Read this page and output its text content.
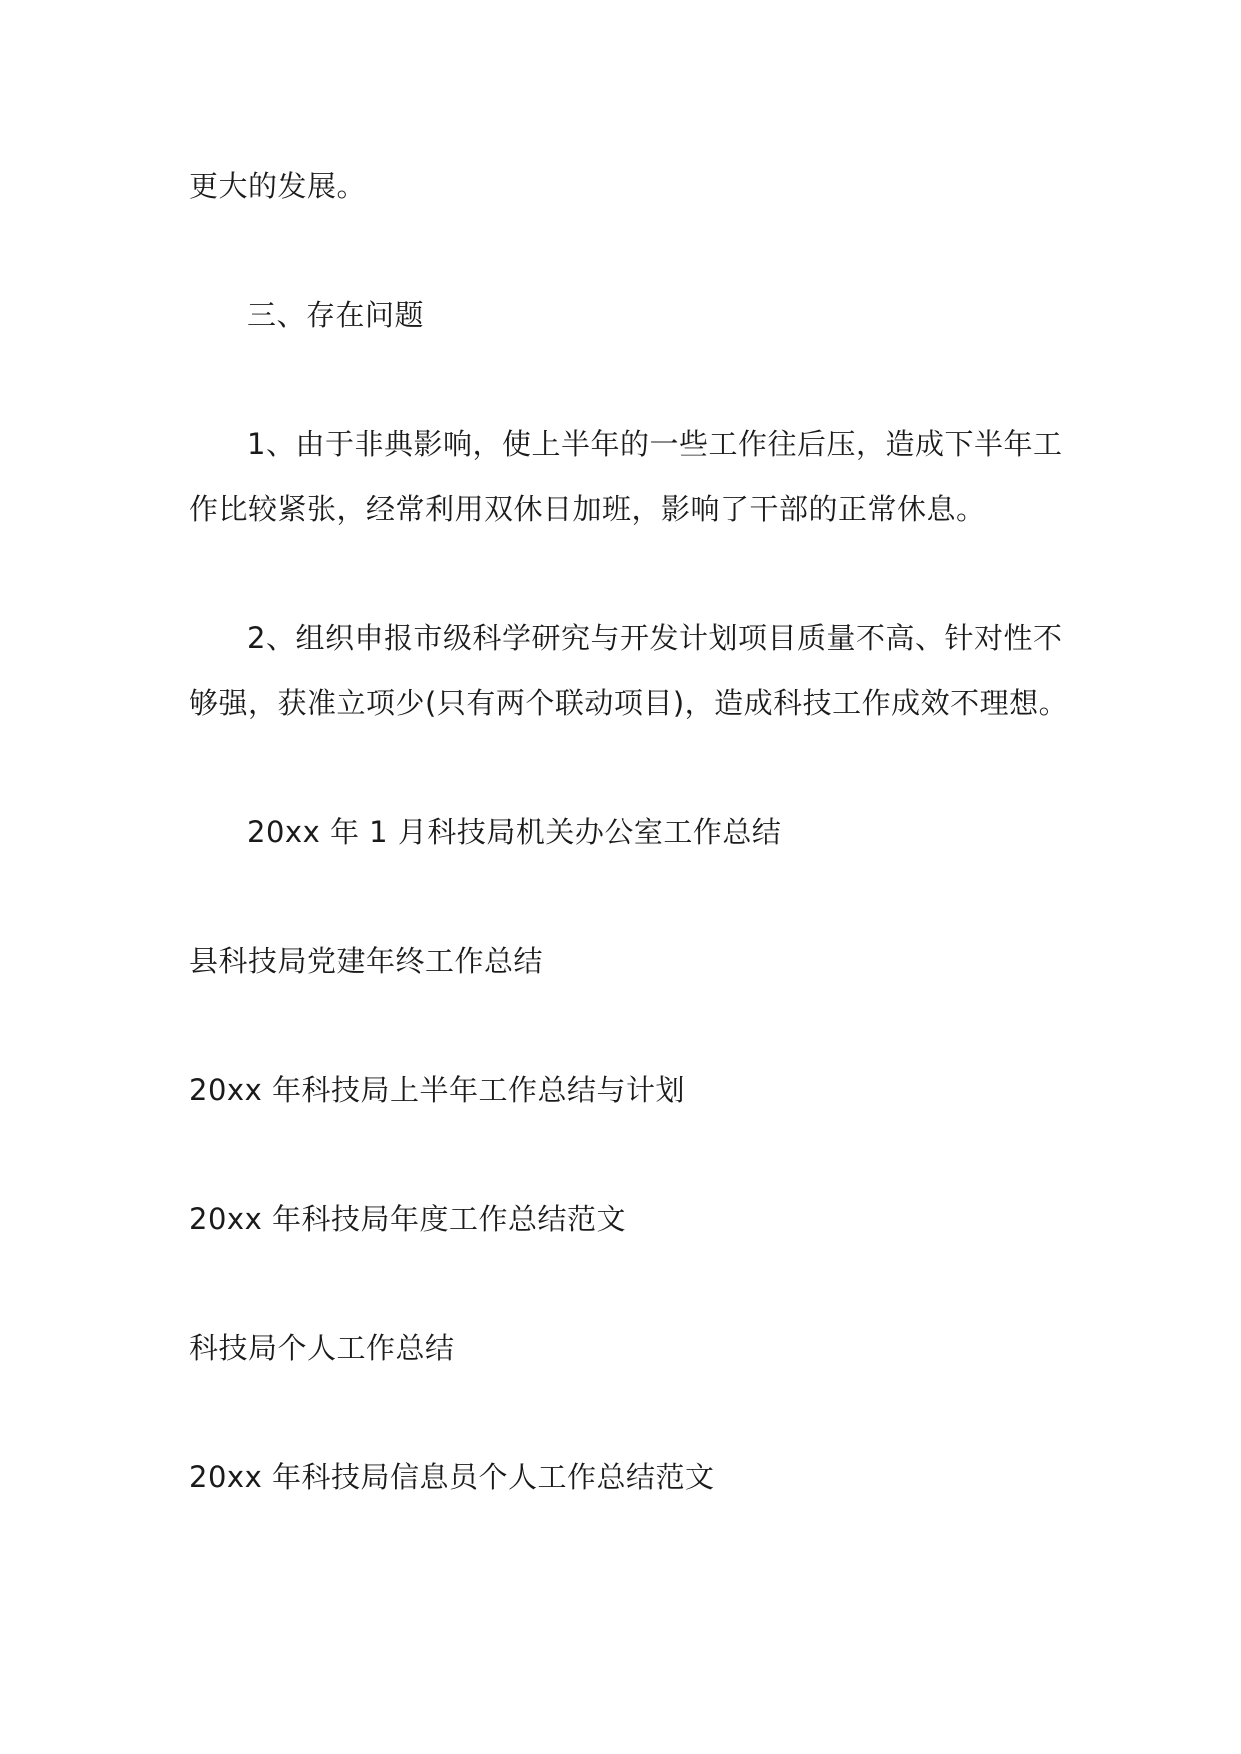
更大的发展。
三、存在问题
1、由于非典影响，使上半年的一些工作往后压，造成下半年工
作比较紧张，经常利用双休日加班，影响了干部的正常休息。
2、组织申报市级科学研究与开发计划项目质量不高、针对性不
够强，获准立项少(只有两个联动项目)，造成科技工作成效不理想。
20xx 年 1 月科技局机关办公室工作总结
县科技局党建年终工作总结
20xx 年科技局上半年工作总结与计划
20xx 年科技局年度工作总结范文
科技局个人工作总结
20xx 年科技局信息员个人工作总结范文
